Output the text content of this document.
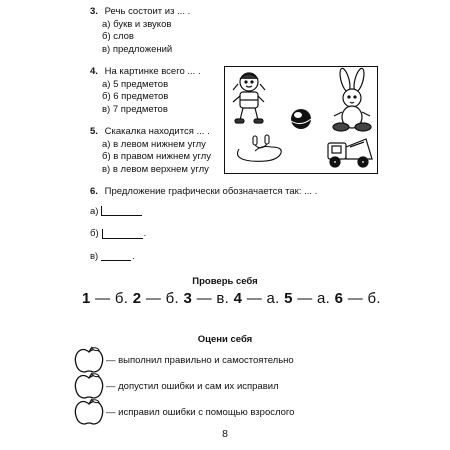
3. Речь состоит из ... .
а) букв и звуков
б) слов
в) предложений
4. На картинке всего ... .
а) 5 предметов
б) 6 предметов
в) 7 предметов
5. Скакалка находится ... .
а) в левом нижнем углу
б) в правом нижнем углу
в) в левом верхнем углу
6. Предложение графически обозначается так: ... .
а)
б)	.
в)	.
Проверь себя
1 — б. 2 — б. 3 — в. 4 — а. 5 — а. 6 — б.
Оцени себя
— выполнил правильно и самостоятельно
— допустил ошибки и сам их исправил
— исправил ошибки с помощью взрослого
8
